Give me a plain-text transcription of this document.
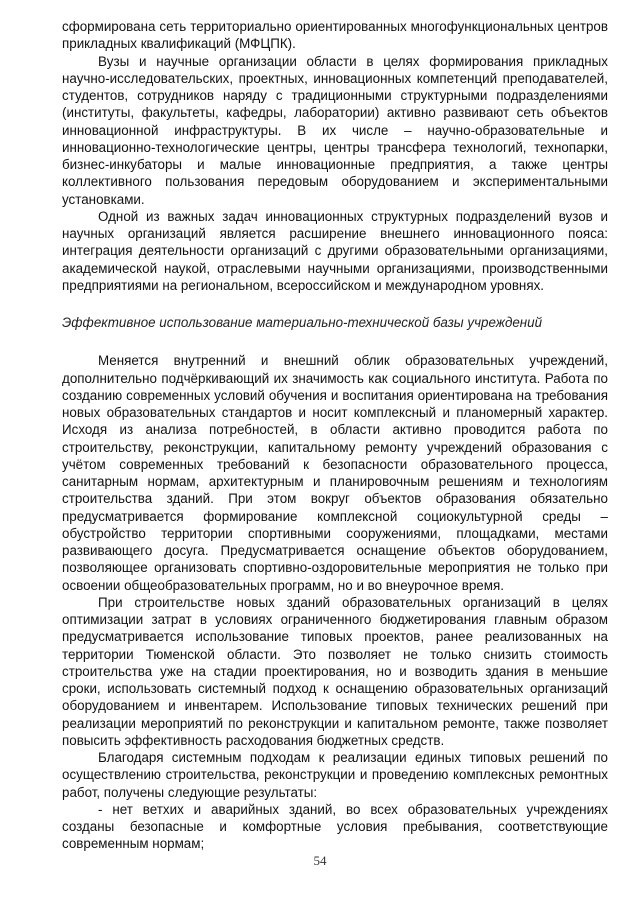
сформирована сеть территориально ориентированных многофункциональных центров прикладных квалификаций (МФЦПК).

Вузы и научные организации области в целях формирования прикладных научно-исследовательских, проектных, инновационных компетенций преподавателей, студентов, сотрудников наряду с традиционными структурными подразделениями (институты, факультеты, кафедры, лаборатории) активно развивают сеть объектов инновационной инфраструктуры. В их числе – научно-образовательные и инновационно-технологические центры, центры трансфера технологий, технопарки, бизнес-инкубаторы и малые инновационные предприятия, а также центры коллективного пользования передовым оборудованием и экспериментальными установками.

Одной из важных задач инновационных структурных подразделений вузов и научных организаций является расширение внешнего инновационного пояса: интеграция деятельности организаций с другими образовательными организациями, академической наукой, отраслевыми научными организациями, производственными предприятиями на региональном, всероссийском и международном уровнях.

Эффективное использование материально-технической базы учреждений

Меняется внутренний и внешний облик образовательных учреждений, дополнительно подчёркивающий их значимость как социального института. Работа по созданию современных условий обучения и воспитания ориентирована на требования новых образовательных стандартов и носит комплексный и планомерный характер. Исходя из анализа потребностей, в области активно проводится работа по строительству, реконструкции, капитальному ремонту учреждений образования с учётом современных требований к безопасности образовательного процесса, санитарным нормам, архитектурным и планировочным решениям и технологиям строительства зданий. При этом вокруг объектов образования обязательно предусматривается формирование комплексной социокультурной среды – обустройство территории спортивными сооружениями, площадками, местами развивающего досуга. Предусматривается оснащение объектов оборудованием, позволяющее организовать спортивно-оздоровительные мероприятия не только при освоении общеобразовательных программ, но и во внеурочное время.

При строительстве новых зданий образовательных организаций в целях оптимизации затрат в условиях ограниченного бюджетирования главным образом предусматривается использование типовых проектов, ранее реализованных на территории Тюменской области. Это позволяет не только снизить стоимость строительства уже на стадии проектирования, но и возводить здания в меньшие сроки, использовать системный подход к оснащению образовательных организаций оборудованием и инвентарем. Использование типовых технических решений при реализации мероприятий по реконструкции и капитальном ремонте, также позволяет повысить эффективность расходования бюджетных средств.

Благодаря системным подходам к реализации единых типовых решений по осуществлению строительства, реконструкции и проведению комплексных ремонтных работ, получены следующие результаты:

- нет ветхих и аварийных зданий, во всех образовательных учреждениях созданы безопасные и комфортные условия пребывания, соответствующие современным нормам;

54
